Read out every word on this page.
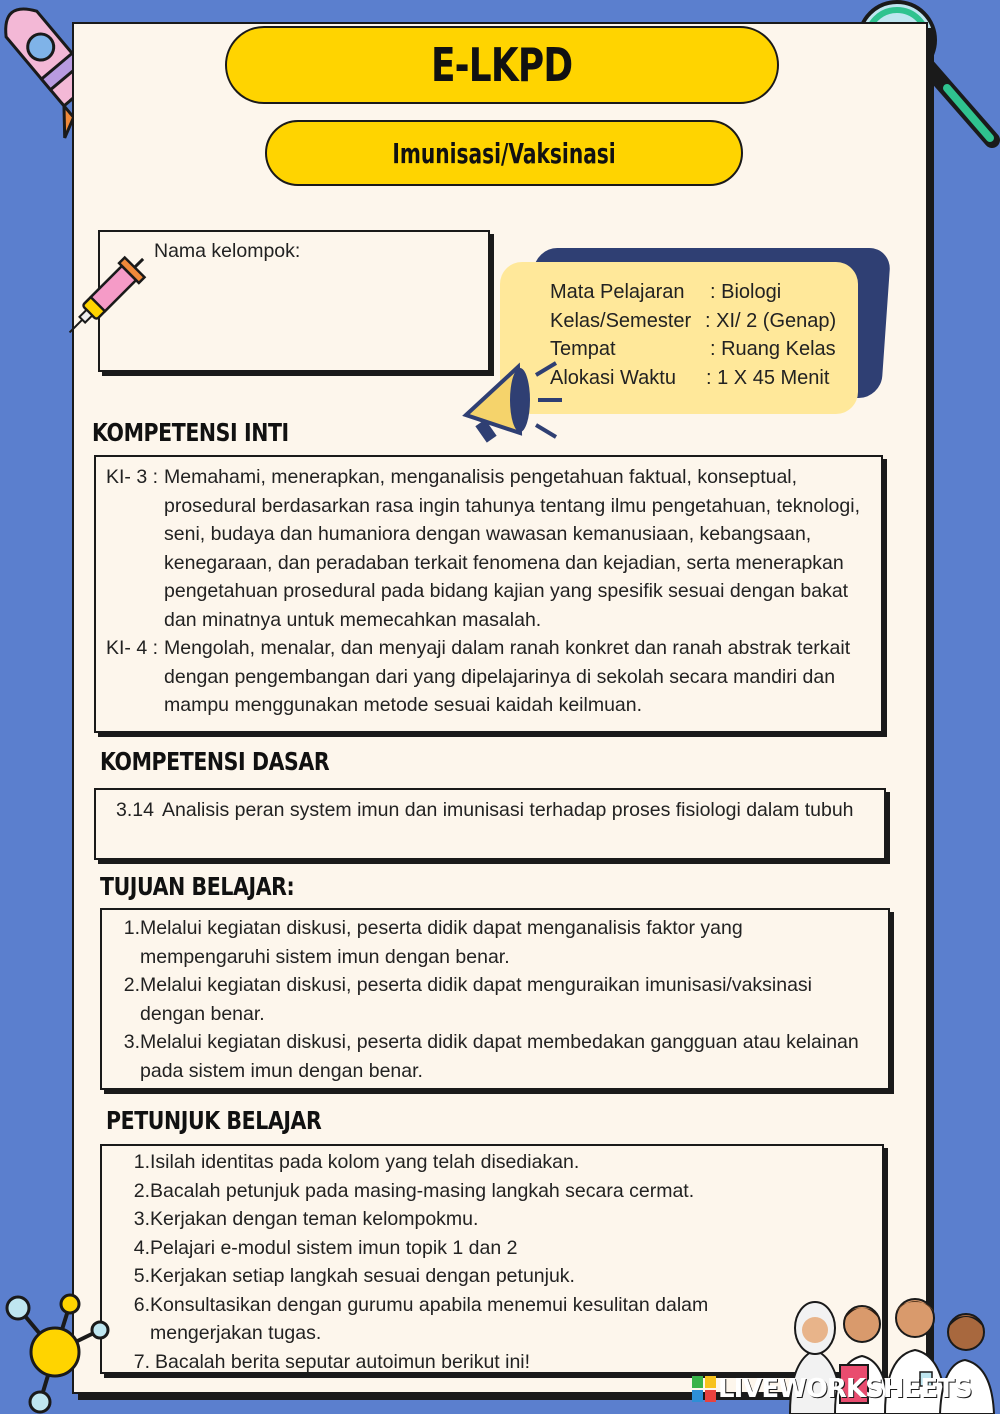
E-LKPD
Imunisasi/Vaksinasi
Nama kelompok:
Mata Pelajaran	: Biologi
Kelas/Semester : XI/ 2 (Genap)
Tempat	: Ruang Kelas
Alokasi Waktu	: 1 X 45 Menit
KOMPETENSI INTI
KI- 3 : Memahami, menerapkan, menganalisis pengetahuan faktual, konseptual, prosedural berdasarkan rasa ingin tahunya tentang ilmu pengetahuan, teknologi, seni, budaya dan humaniora dengan wawasan kemanusiaan, kebangsaan, kenegaraan, dan peradaban terkait fenomena dan kejadian, serta menerapkan pengetahuan prosedural pada bidang kajian yang spesifik sesuai dengan bakat dan minatnya untuk memecahkan masalah.
KI- 4 : Mengolah, menalar, dan menyaji dalam ranah konkret dan ranah abstrak terkait dengan pengembangan dari yang dipelajarinya di sekolah secara mandiri dan mampu menggunakan metode sesuai kaidah keilmuan.
KOMPETENSI DASAR
3.14 Analisis peran system imun dan imunisasi terhadap proses fisiologi dalam tubuh
TUJUAN BELAJAR:
1. Melalui kegiatan diskusi, peserta didik dapat menganalisis faktor yang mempengaruhi sistem imun dengan benar.
2. Melalui kegiatan diskusi, peserta didik dapat menguraikan imunisasi/vaksinasi dengan benar.
3. Melalui kegiatan diskusi, peserta didik dapat membedakan gangguan atau kelainan pada sistem imun dengan benar.
PETUNJUK BELAJAR
1. Isilah identitas pada kolom yang telah disediakan.
2. Bacalah petunjuk pada masing-masing langkah secara cermat.
3. Kerjakan dengan teman kelompokmu.
4. Pelajari e-modul sistem imun topik 1 dan 2
5. Kerjakan setiap langkah sesuai dengan petunjuk.
6. Konsultasikan dengan gurumu apabila menemui kesulitan dalam mengerjakan tugas.
7. Bacalah berita seputar autoimun berikut ini!
LIVEWORKSHEETS
